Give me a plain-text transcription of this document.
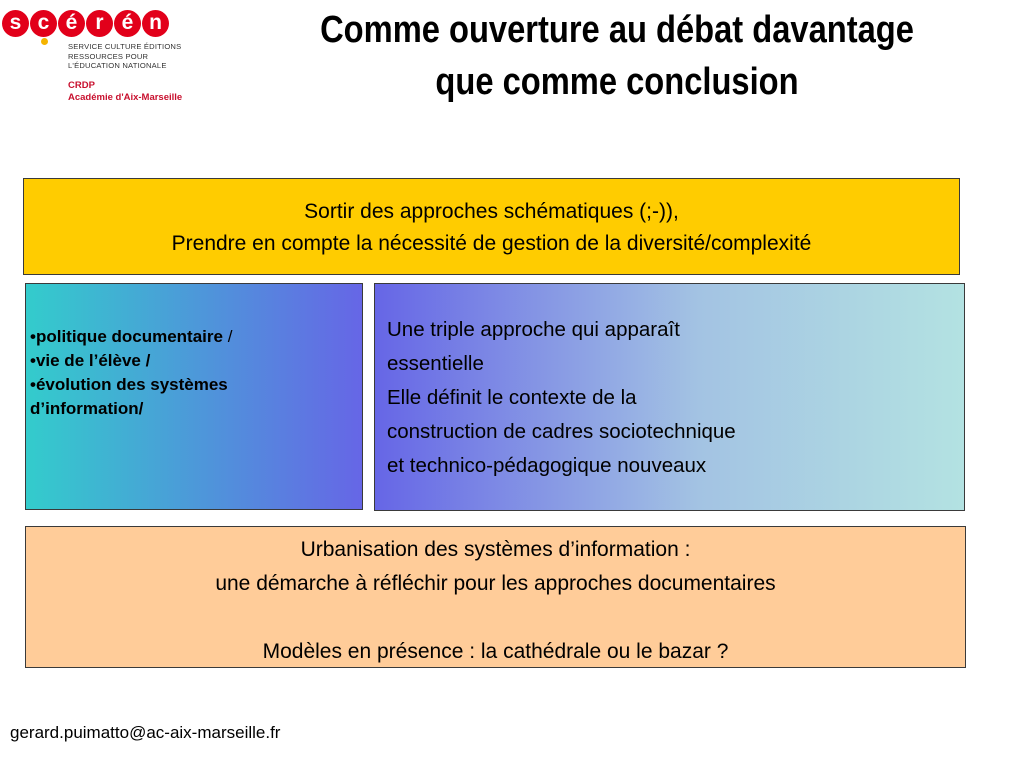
s c é r é n
SERVICE CULTURE ÉDITIONS
RESSOURCES POUR
L'ÉDUCATION NATIONALE
CRDP
Académie d'Aix-Marseille
Comme ouverture au débat davantage
que comme conclusion
Sortir des approches schématiques (;-)),
Prendre en compte la nécessité de gestion de la diversité/complexité
•politique documentaire /
•vie de l’élève /
•évolution des systèmes
d’information/
Une triple approche qui apparaît
essentielle
Elle définit le contexte de la
construction de cadres sociotechnique
et technico-pédagogique nouveaux
Urbanisation des systèmes d’information :
une démarche à réfléchir pour les approches documentaires
Modèles en présence : la cathédrale ou le bazar ?
gerard.puimatto@ac-aix-marseille.fr
